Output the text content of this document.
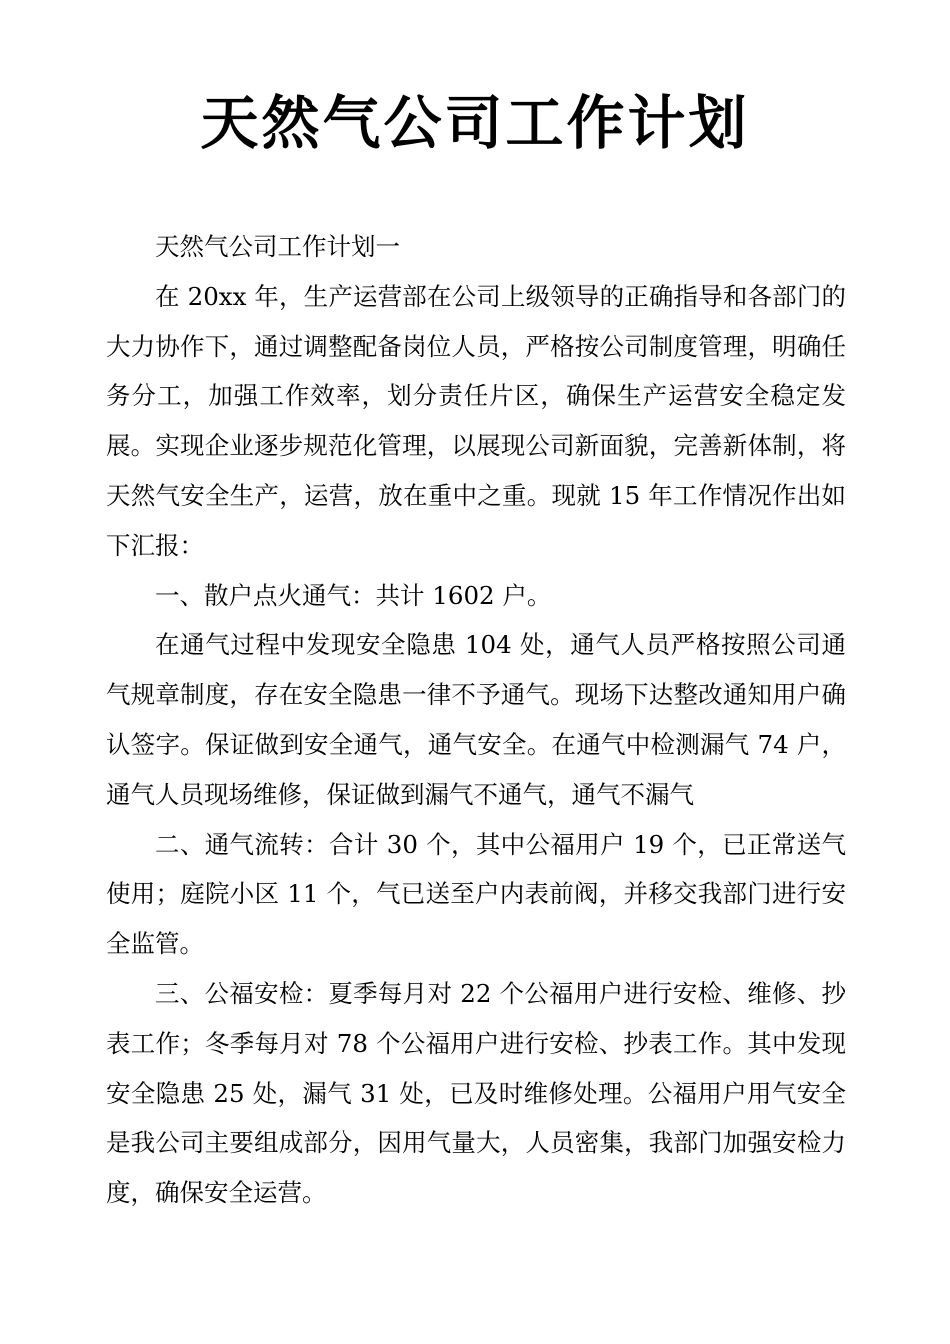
天然气公司工作计划

天然气公司工作计划一

在 20xx 年，生产运营部在公司上级领导的正确指导和各部门的大力协作下，通过调整配备岗位人员，严格按公司制度管理，明确任务分工，加强工作效率，划分责任片区，确保生产运营安全稳定发展。实现企业逐步规范化管理，以展现公司新面貌，完善新体制，将天然气安全生产，运营，放在重中之重。现就 15 年工作情况作出如下汇报：

一、散户点火通气：共计 1602 户。

在通气过程中发现安全隐患 104 处，通气人员严格按照公司通气规章制度，存在安全隐患一律不予通气。现场下达整改通知用户确认签字。保证做到安全通气，通气安全。在通气中检测漏气 74 户，通气人员现场维修，保证做到漏气不通气，通气不漏气

二、通气流转：合计 30 个，其中公福用户 19 个，已正常送气使用；庭院小区 11 个，气已送至户内表前阀，并移交我部门进行安全监管。

三、公福安检：夏季每月对 22 个公福用户进行安检、维修、抄表工作；冬季每月对 78 个公福用户进行安检、抄表工作。其中发现安全隐患 25 处，漏气 31 处，已及时维修处理。公福用户用气安全是我公司主要组成部分，因用气量大，人员密集，我部门加强安检力度，确保安全运营。
